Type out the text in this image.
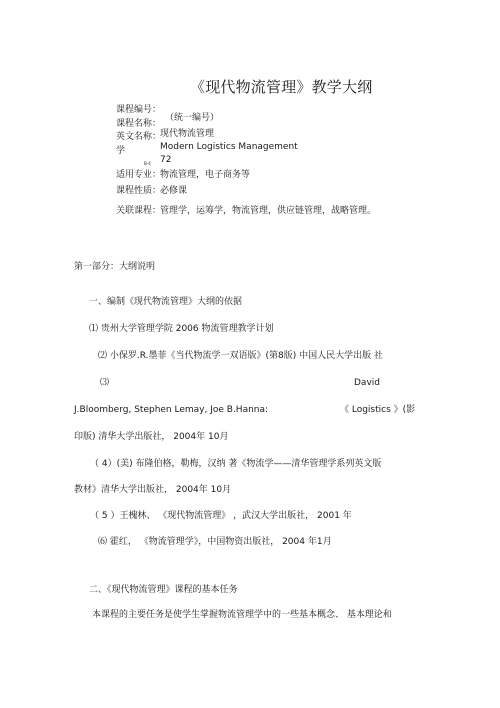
《现代物流管理》教学大纲
课程编号：
课程名称：
（统一编号）
英文名称：
现代物流管理
Modern Logistics Management
学
B-4 72
适用专业：
物流管理，电子商务等
课程性质：
必修课
关联课程：
管理学，运筹学，物流管理，供应链管理，战略管理。
第一部分：大纲说明
一、编制《现代物流管理》大纲的依据
⑴ 贵州大学管理学院 2006 物流管理教学计划
⑵ 小保罗.R.墨菲《当代物流学一双语版》(第8版) 中国人民大学出版 社
⑶	David
J.Bloomberg, Stephen Lemay, Joe B.Hanna:	《 Logistics 》(影
印版) 清华大学出版社， 2004年 10月
（ 4）(美) 布隆伯格，勒梅，汉纳 著《物流学——清华管理学系列英文版
教材》清华大学出版社， 2004年 10月
（ 5 ）王槐林、 《现代物流管理》 ，武汉大学出版社， 2001 年
⑹ 霍红， 《物流管理学》，中国物资出版社， 2004 年1月
二、《现代物流管理》课程的基本任务
本课程的主要任务是使学生掌握物流管理学中的一些基本概念、 基本理论和
